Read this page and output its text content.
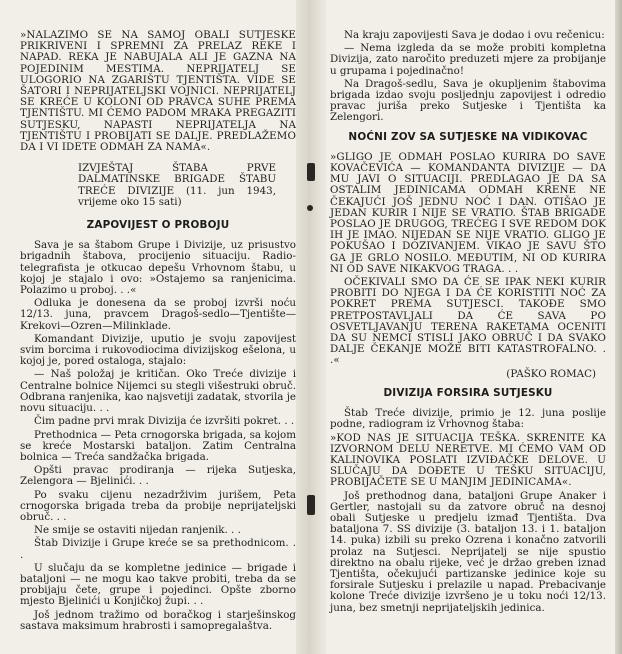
»NALAZIMO SE NA SAMOJ OBALI SUTJESKE PRIKRIVENI I SPREMNI ZA PRELAZ REKE I NAPAD. REKA JE NABUJALA ALI JE GAZNA NA POJEDINIM MESTIMA. NEPRIJATELJ SE ULOGORIO NA ZGARIŠTU TJENTIŠTA. VIDE SE ŠATORI I NEPRIJATELJSKI VOJNICI. NEPRIJATELJ SE KREĆE U KOLONI OD PRAVCA SUHE PREMA TJENTIŠTU. MI ĆEMO PADOM MRAKA PREGAZITI SUTJESKU, NAPASTI NEPRIJATELJA NA TJENTIŠTU I PROBIJATI SE DALJE. PREDLAŽEMO DA I VI IDETE ODMAH ZA NAMA«.

IZVJEŠTAJ ŠTABA PRVE DALMATINSKE BRIGADE ŠTABU TREĆE DIVIZIJE (11. jun 1943, vrijeme oko 15 sati)

ZAPOVIJEST O PROBOJU

Sava je sa štabom Grupe i Divizije, uz prisustvo brigadnih štabova, procijenio situaciju. Radio-telegrafista je otkucao depešu Vrhovnom štabu, u kojoj je stajalo i ovo: »Ostajemo sa ranjenicima. Polazimo u proboj. . .«

Odluka je donesena da se proboj izvrši noću 12/13. juna, pravcem Dragoš-sedlo—Tjentište—Krekovi—Ozren—Milinklade.

Komandant Divizije, uputio je svoju zapovijest svim borcima i rukovodiocima divizijskog ešelona, u kojoj je, pored ostaloga, stajalo:

— Naš položaj je kritičan. Oko Treće divizije i Centralne bolnice Nijemci su stegli višestruki obruč. Odbrana ranjenika, kao najsvetiji zadatak, stvorila je novu situaciju. . .

Čim padne prvi mrak Divizija će izvršiti pokret. . .

Prethodnica — Peta crnogorska brigada, sa kojom se kreće Mostarski bataljon. Zatim Centralna bolnica — Treća sandžačka brigada.

Opšti pravac prodiranja — rijeka Sutjeska, Zelengora — Bjelinići. . .

Po svaku cijenu nezadrživim jurišem, Peta crnogorska brigada treba da probije neprijateljski obruč. . .

Ne smije se ostaviti nijedan ranjenik. . .

Štab Divizije i Grupe kreće se sa prethodnicom. . .

U slučaju da se kompletne jedinice — brigade i bataljoni — ne mogu kao takve probiti, treba da se probijaju čete, grupe i pojedinci. Opšte zborno mjesto Bjelinići u Konjičkoj župi. . .

Još jednom tražimo od boračkog i starješinskog sastava maksimum hrabrosti i samopregalaštva.

Na kraju zapovijesti Sava je dodao i ovu rečenicu:

— Nema izgleda da se može probiti kompletna Divizija, zato naročito preduzeti mjere za probijanje u grupama i pojedinačno!

Na Dragoš-sedlu, Sava je okupljenim štabovima brigada izdao svoju posljednju zapovijest i odredio pravac juriša preko Sutjeske i Tjentišta ka Zelengori.

NOĆNI ZOV SA SUTJESKE NA VIDIKOVAC

»GLIGO JE ODMAH POSLAO KURIRA DO SAVE KOVAČEVIĆA — KOMANDANTA DIVIZIJE — DA MU JAVI O SITUACIJI. PREDLAGAO JE DA SA OSTALIM JEDINICAMA ODMAH KRENE NE ČEKAJUĆI JOŠ JEDNU NOĆ I DAN. OTIŠAO JE JEDAN KURIR I NIJE SE VRATIO. ŠTAB BRIGADE POSLAO JE DRUGOG, TREĆEG I SVE REDOM DOK IH JE IMAO. NIJEDAN SE NIJE VRATIO. GLIGO JE POKUŠAO I DOZIVANJEM. VIKAO JE SAVU ŠTO GA JE GRLO NOSILO. MEĐUTIM, NI OD KURIRA NI OD SAVE NIKAKVOG TRAGA. . .

OČEKIVALI SMO DA ĆE SE IPAK NEKI KURIR PROBITI DO NJEGA I DA ĆE KORISTITI NOĆ ZA POKRET PREMA SUTJESCI. TAKOĐE SMO PRETPOSTAVLJALI DA ĆE SAVA PO OSVETLJAVANJU TERENA RAKETAMA OCENITI DA SU NEMCI STISLI JAKO OBRUČ I DA SVAKO DALJE ČEKANJE MOŽE BITI KATASTROFALNO. . .«

(PAŠKO ROMAC)

DIVIZIJA FORSIRA SUTJESKU

Štab Treće divizije, primio je 12. juna poslije podne, radiogram iz Vrhovnog štaba:

»KOD NAS JE SITUACIJA TEŠKA. SKRENITE KA IZVORNOM DELU NERETVE. MI ĆEMO VAM OD KALINOVIKA POSLATI IZVIĐAČKE DELOVE. U SLUČAJU DA DOĐETE U TEŠKU SITUACIJU, PROBIJAČETE SE U MANJIM JEDINICAMA«.

Još prethodnog dana, bataljoni Grupe Anaker i Gertler, nastojali su da zatvore obruč na desnoj obali Sutjeske u predjelu izmađ Tjentišta. Dva bataljona 7. SS divizije (3. bataljon 13. i 1. bataljon 14. puka) izbili su preko Ozrena i konačno zatvorili prolaz na Sutjesci. Neprijatelj se nije spustio direktno na obalu rijeke, već je držao greben iznad Tjentišta, očekujući partizanske jedinice koje su forsirale Sutjesku i prelazile u napad. Prebacivanje kolone Treće divizije izvršeno je u toku noći 12/13. juna, bez smetnji neprijateljskih jedinica.
